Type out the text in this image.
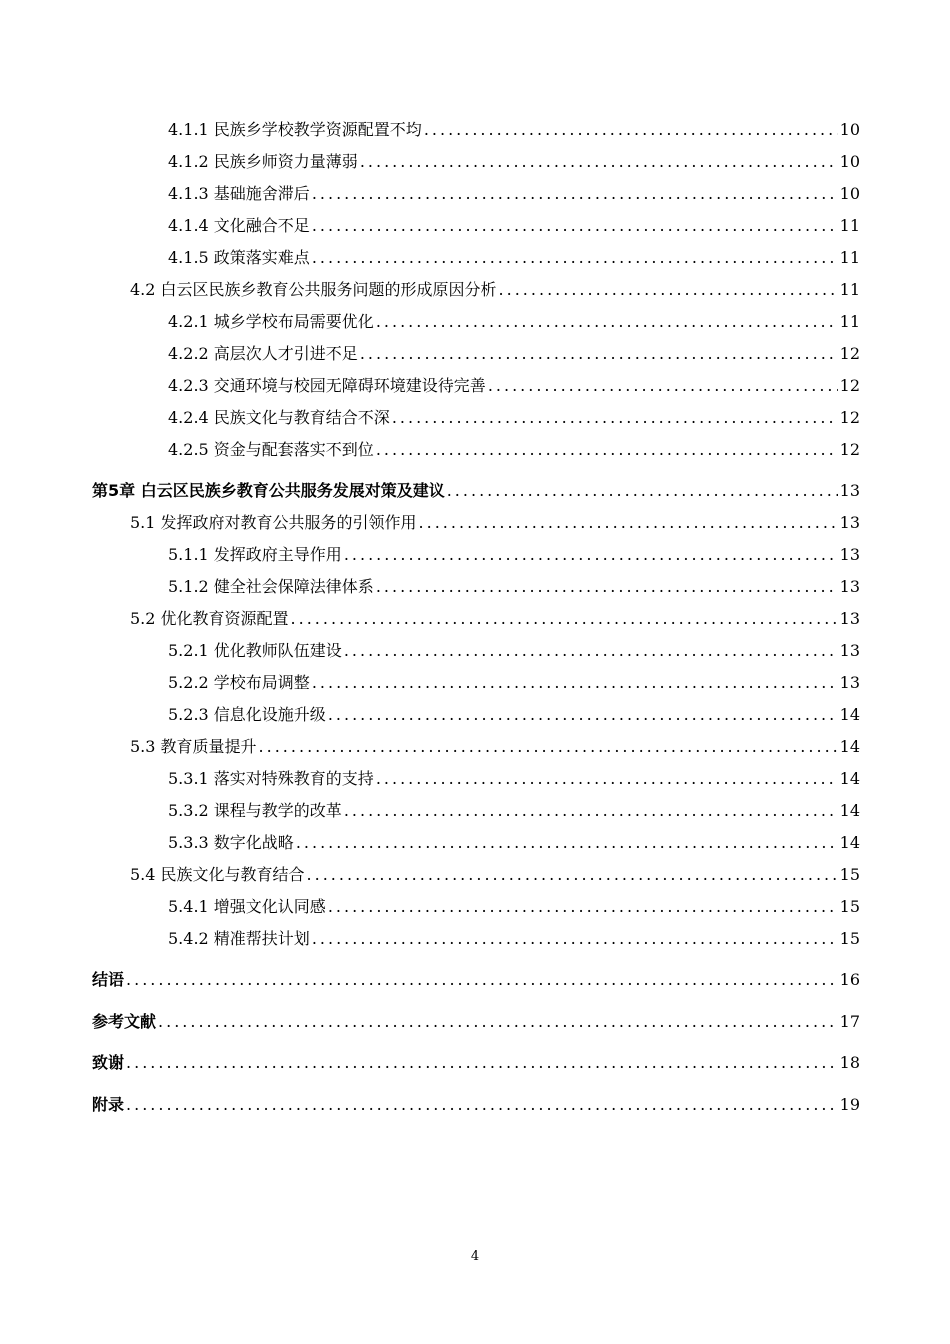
4.1.1 民族乡学校教学资源配置不均 .....	10
4.1.2 民族乡师资力量薄弱 .....	10
4.1.3 基础施舍滞后 .....	10
4.1.4 文化融合不足 .....	11
4.1.5 政策落实难点 .....	11
4.2 白云区民族乡教育公共服务问题的形成原因分析 .....	11
4.2.1 城乡学校布局需要优化 .....	11
4.2.2 高层次人才引进不足 .....	12
4.2.3 交通环境与校园无障碍环境建设待完善 .....	12
4.2.4 民族文化与教育结合不深 .....	12
4.2.5 资金与配套落实不到位 .....	12
第5章 白云区民族乡教育公共服务发展对策及建议 .....	13
5.1 发挥政府对教育公共服务的引领作用 .....	13
5.1.1 发挥政府主导作用 .....	13
5.1.2 健全社会保障法律体系 .....	13
5.2 优化教育资源配置 .....	13
5.2.1 优化教师队伍建设 .....	13
5.2.2 学校布局调整 .....	13
5.2.3 信息化设施升级 .....	14
5.3 教育质量提升 .....	14
5.3.1 落实对特殊教育的支持 .....	14
5.3.2 课程与教学的改革 .....	14
5.3.3 数字化战略 .....	14
5.4 民族文化与教育结合 .....	15
5.4.1 增强文化认同感 .....	15
5.4.2 精准帮扶计划 .....	15
结语 .....	16
参考文献 .....	17
致谢 .....	18
附录 .....	19
4
